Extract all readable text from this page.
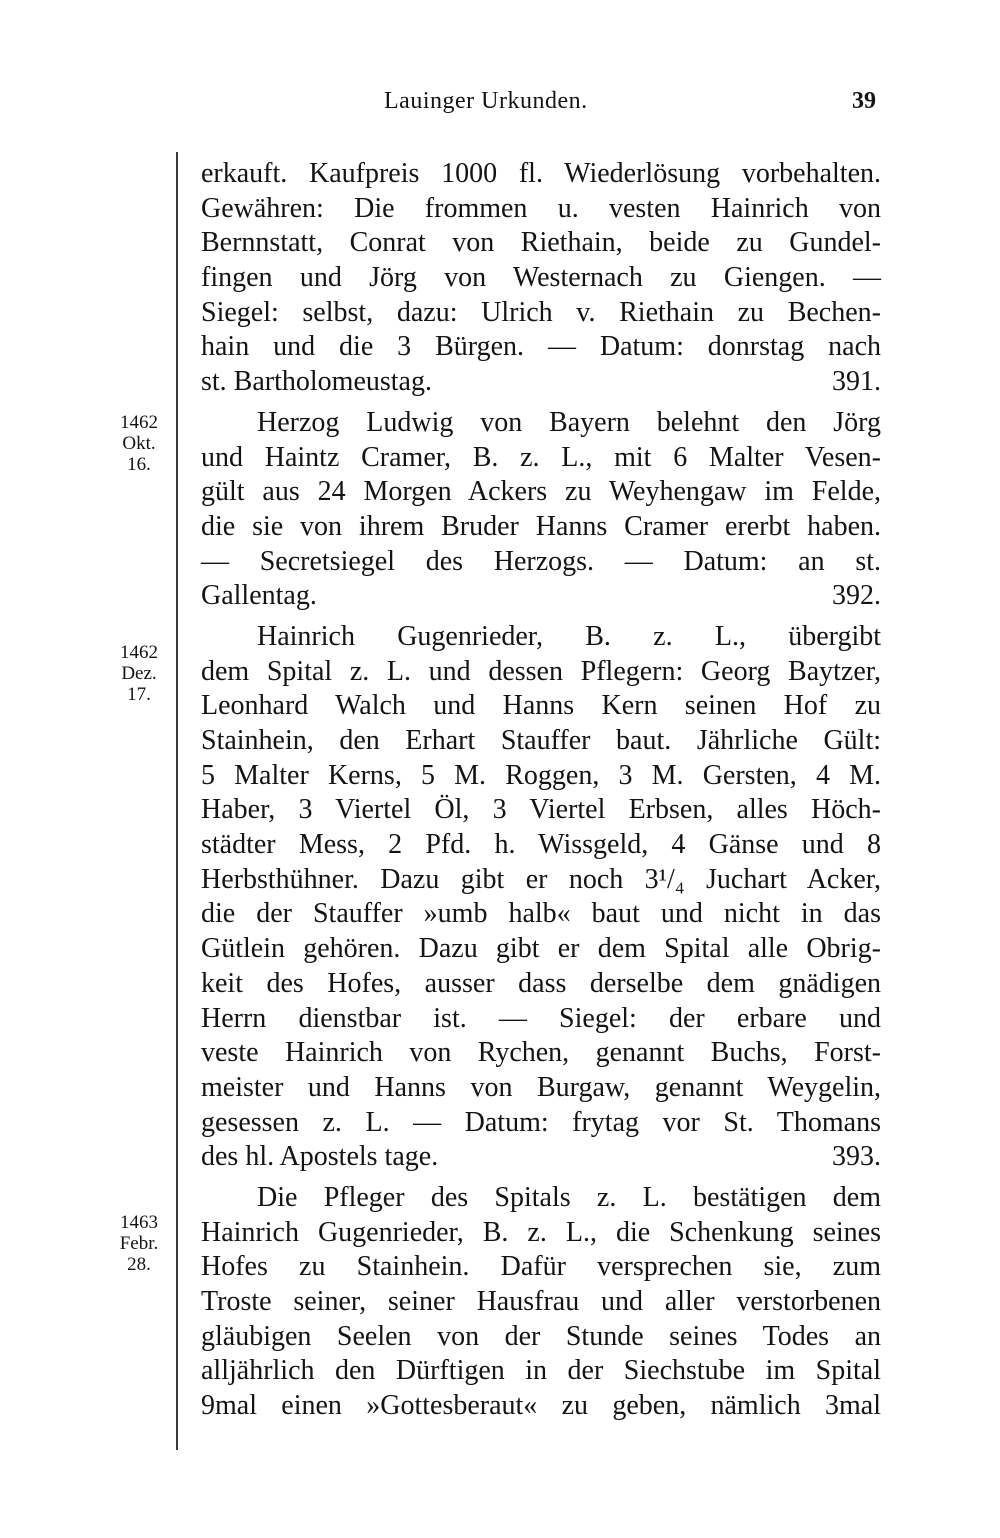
Lauinger Urkunden.	39
1462
Okt.
16.
1462
Dez.
17.
1463
Febr.
28.
erkauft. Kaufpreis 1000 fl. Wiederlösung vorbehalten.
Gewähren: Die frommen u. vesten Hainrich von
Bernnstatt, Conrat von Riethain, beide zu Gundel-
fingen und Jörg von Westernach zu Giengen. —
Siegel: selbst, dazu: Ulrich v. Riethain zu Bechen-
hain und die 3 Bürgen. — Datum: donrstag nach
st. Bartholomeustag.	391.
Herzog Ludwig von Bayern belehnt den Jörg
und Haintz Cramer, B. z. L., mit 6 Malter Vesen-
gült aus 24 Morgen Ackers zu Weyhengaw im Felde,
die sie von ihrem Bruder Hanns Cramer ererbt haben.
— Secretsiegel des Herzogs. — Datum: an st.
Gallentag.	392.
Hainrich Gugenrieder, B. z. L., übergibt
dem Spital z. L. und dessen Pflegern: Georg Baytzer,
Leonhard Walch und Hanns Kern seinen Hof zu
Stainhein, den Erhart Stauffer baut. Jährliche Gült:
5 Malter Kerns, 5 M. Roggen, 3 M. Gersten, 4 M.
Haber, 3 Viertel Öl, 3 Viertel Erbsen, alles Höch-
städter Mess, 2 Pfd. h. Wissgeld, 4 Gänse und 8
Herbsthühner. Dazu gibt er noch 3¹/₄ Juchart Acker,
die der Stauffer »umb halb« baut und nicht in das
Gütlein gehören. Dazu gibt er dem Spital alle Obrig-
keit des Hofes, ausser dass derselbe dem gnädigen
Herrn dienstbar ist. — Siegel: der erbare und
veste Hainrich von Rychen, genannt Buchs, Forst-
meister und Hanns von Burgaw, genannt Weygelin,
gesessen z. L. — Datum: frytag vor St. Thomans
des hl. Apostels tage.	393.
Die Pfleger des Spitals z. L. bestätigen dem
Hainrich Gugenrieder, B. z. L., die Schenkung seines
Hofes zu Stainhein. Dafür versprechen sie, zum
Troste seiner, seiner Hausfrau und aller verstorbenen
gläubigen Seelen von der Stunde seines Todes an
alljährlich den Dürftigen in der Siechstube im Spital
9mal einen »Gottesberaut« zu geben, nämlich 3mal
